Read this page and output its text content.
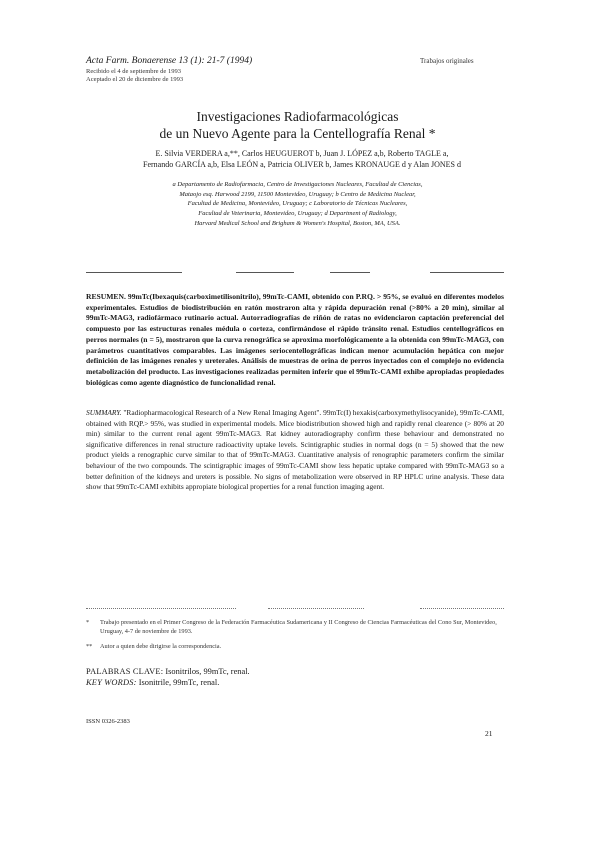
Acta Farm. Bonaerense 13 (1): 21-7 (1994)
Recibido el 4 de septiembre de 1993
Aceptado el 20 de diciembre de 1993
Trabajos originales
Investigaciones Radiofarmacológicas
de un Nuevo Agente para la Centellografía Renal *
E. Silvia VERDERA a,**, Carlos HEUGUEROT b, Juan J. LÓPEZ a,b, Roberto TAGLE a,
Fernando GARCÍA a,b, Elsa LEÓN a, Patricia OLIVER b, James KRONAUGE d y Alan JONES d
a Departamento de Radiofarmacia, Centro de Investigaciones Nucleares, Facultad de Ciencias,
Mataojo esq. Harwood 2199, 11500 Montevideo, Uruguay; b Centro de Medicina Nuclear,
Facultad de Medicina, Montevideo, Uruguay; c Laboratorio de Técnicas Nucleares,
Facultad de Veterinaria, Montevideo, Uruguay; d Department of Radiology,
Harvard Medical School and Brigham & Women's Hospital, Boston, MA, USA.
RESUMEN. 99mTc(Ibexaquis(carboximetilisonitrilo), 99mTc-CAMI, obtenido con P.RQ. > 95%, se evaluó en diferentes modelos experimentales. Estudios de biodistribución en ratón mostraron alta y rápida depuración renal (>80% a 20 min), similar al 99mTc-MAG3, radiofármaco rutinario actual. Autorradiografías de riñón de ratas no evidenciaron captación preferencial del compuesto por las estructuras renales médula o corteza, confirmándose el rápido tránsito renal. Estudios centellográficos en perros normales (n = 5), mostraron que la curva renográfica se aproxima morfológicamente a la obtenida con 99mTc-MAG3, con parámetros cuantitativos comparables. Las imágenes seriocentellográficas indican menor acumulación hepática con mejor definición de las imágenes renales y ureterales. Análisis de muestras de orina de perros inyectados con el complejo no evidencia metabolización del producto. Las investigaciones realizadas permiten inferir que el 99mTc-CAMI exhibe apropiadas propiedades biológicas como agente diagnóstico de funcionalidad renal.
SUMMARY. "Radiopharmacological Research of a New Renal Imaging Agent". 99mTc(I) hexakis(carboxymethylisocyanide), 99mTc-CAMI, obtained with RQP.> 95%, was studied in experimental models. Mice biodistribution showed high and rapidly renal clearence (> 80% at 20 min) similar to the current renal agent 99mTc-MAG3. Rat kidney autoradiography confirm these behaviour and demonstrated no significative differences in renal structure radioactivity uptake levels. Scintigraphic studies in normal dogs (n = 5) showed that the new product yields a renographic curve similar to that of 99mTc-MAG3. Cuantitative analysis of renographic parameters confirm the similar behaviour of the two compounds. The scintigraphic images of 99mTc-CAMI show less hepatic uptake compared with 99mTc-MAG3 so a better definition of the kidneys and ureters is possible. No signs of metabolization were observed in RP HPLC urine analysis. These data show that 99mTc-CAMI exhibits appropiate biological properties for a renal function imaging agent.
* Trabajo presentado en el Primer Congreso de la Federación Farmacéutica Sudamericana y II Congreso de Ciencias Farmacéuticas del Cono Sur, Montevideo, Uruguay, 4-7 de noviembre de 1993.
** Autor a quien debe dirigirse la correspondencia.
PALABRAS CLAVE: Isonitrilos, 99mTc, renal.
KEY WORDS: Isonitrile, 99mTc, renal.
ISSN 0326-2383
21
